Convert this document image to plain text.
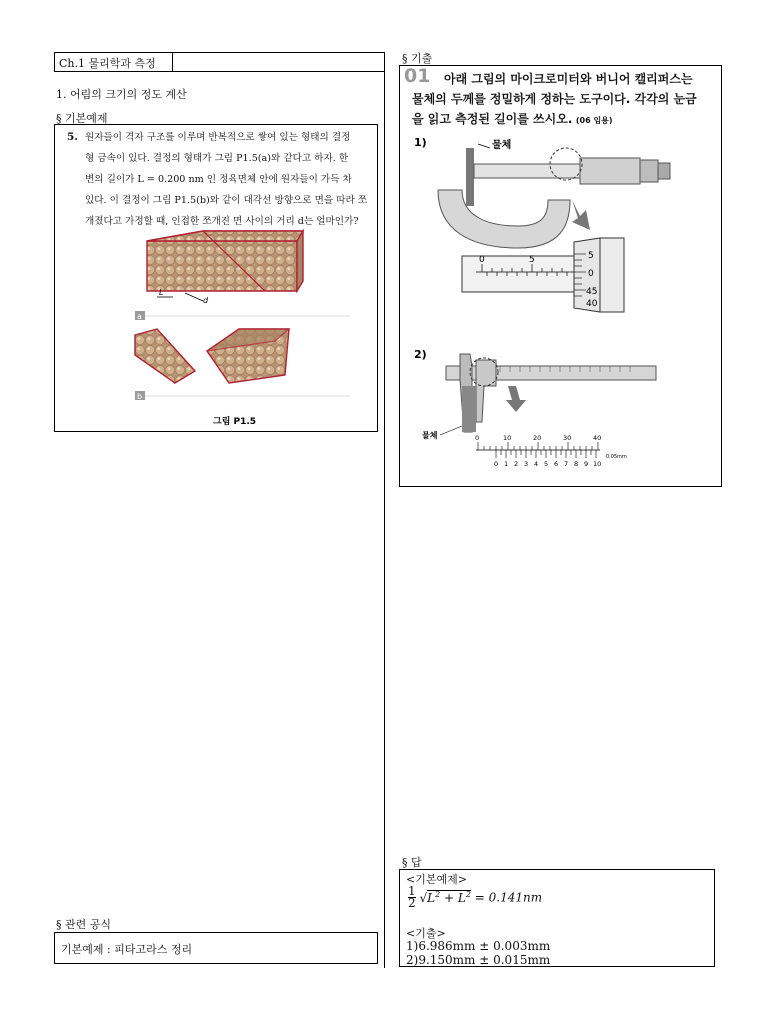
Ch.1 물리학과 측정
1. 어림의 크기의 정도 계산
§ 기본예제
5. 원자들이 격자 구조를 이루며 반복적으로 쌓여 있는 형태의 결정
형 금속이 있다. 결정의 형태가 그림 P1.5(a)와 같다고 하자. 한
변의 길이가 L = 0.200 nm 인 정육면체 안에 원자들이 가득 차
있다. 이 결정이 그림 P1.5(b)와 같이 대각선 방향으로 면을 따라 쪼
개졌다고 가정할 때, 인접한 쪼개진 면 사이의 거리 d는 얼마인가?
L
d
a
b
그림 P1.5
§ 관련 공식
기본예제 : 피타고라스 정리
§ 기출
01 아래 그림의 마이크로미터와 버니어 캘리퍼스는
물체의 두께를 정밀하게 정하는 도구이다. 각각의 눈금
을 읽고 측정된 길이를 쓰시오. (06 임용)
1)	물체
0	5	5
0
45
40
2)
물체	0	10	20	30	40
0 1 2 3 4 5 6 7 8 9 10
0.05mm
§ 답
<기본예제>
$\frac{1}{2} √L^2 + L^2 = 0.141nm$
<기출>
1)6.986mm ± 0.003mm
2)9.150mm ± 0.015mm
